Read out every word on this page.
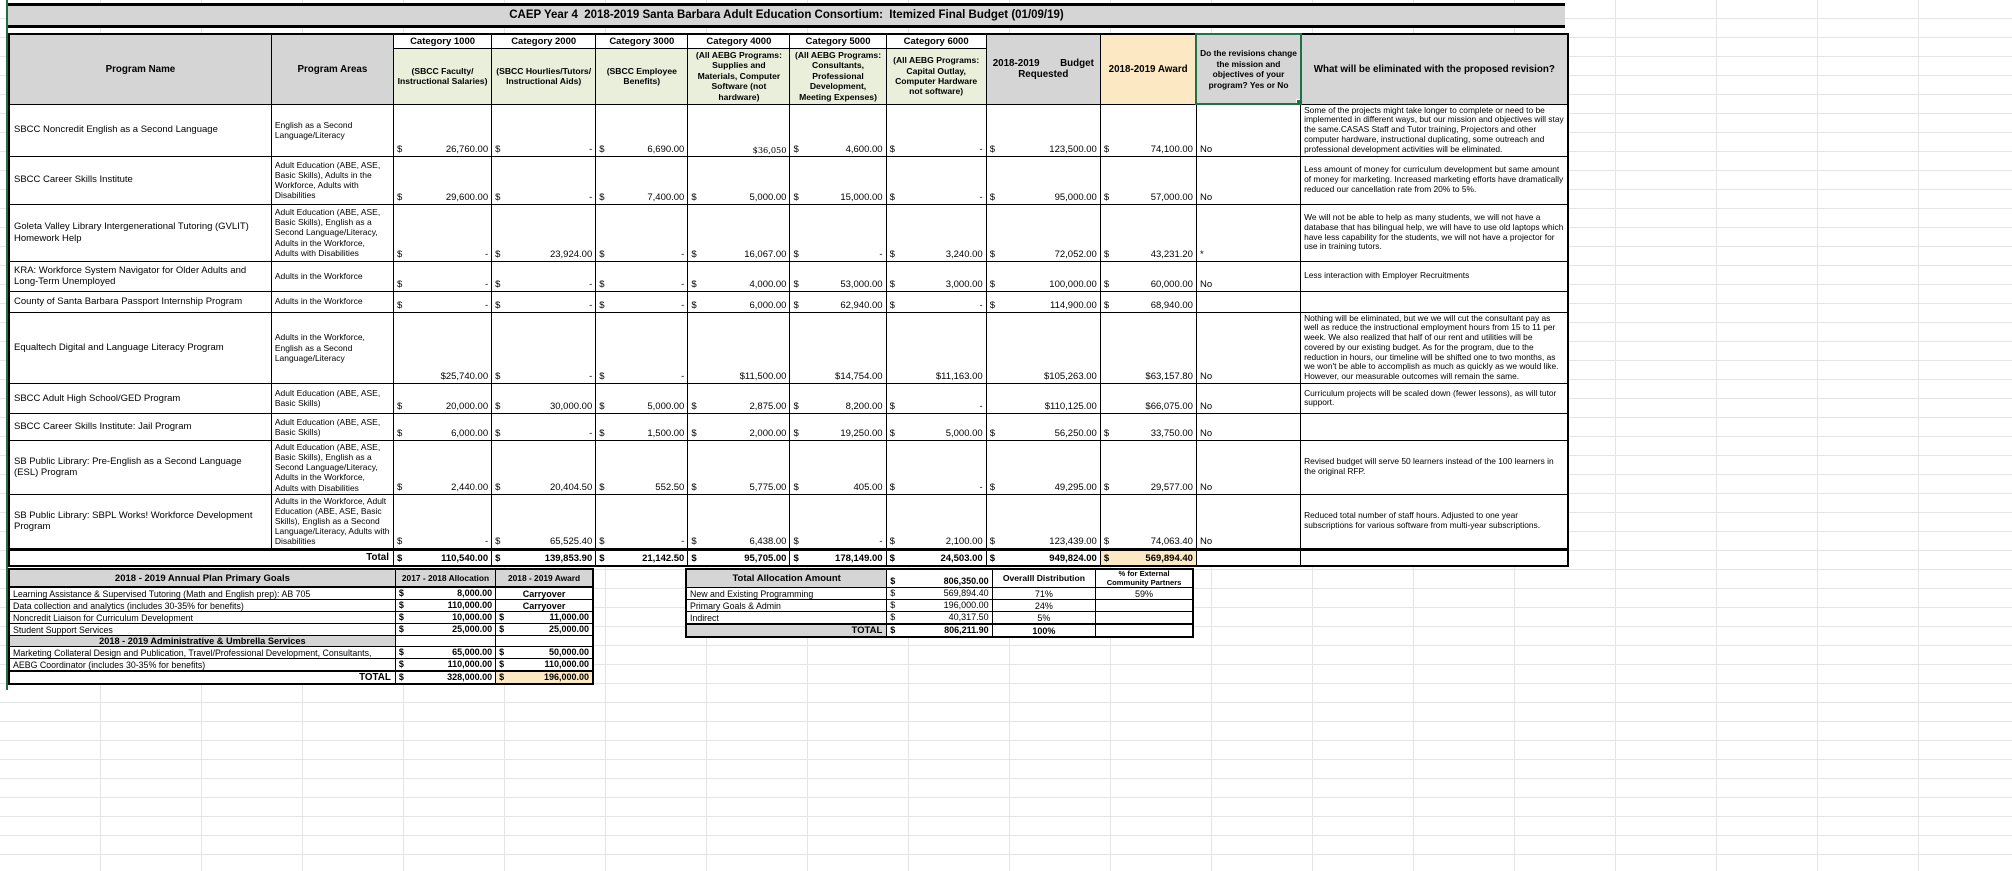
CAEP Year 4  2018-2019 Santa Barbara Adult Education Consortium:  Itemized Final Budget (01/09/19)
Program Name	Program Areas	Category 1000	Category 2000	Category 3000	Category 4000	Category 5000	Category 6000	2018-2019 Budget Requested	2018-2019 Award	Do the revisions change the mission and objectives of your program? Yes or No	What will be eliminated with the proposed revision?
		(SBCC Faculty/ Instructional Salaries)	(SBCC Hourlies/Tutors/ Instructional Aids)	(SBCC Employee Benefits)	(All AEBG Programs: Supplies and Materials, Computer Software (not hardware)	(All AEBG Programs: Consultants, Professional Development, Meeting Expenses)	(All AEBG Programs: Capital Outlay, Computer Hardware not software)				
SBCC Noncredit English as a Second Language	English as a Second Language/Literacy	$ 26,760.00	$ -	$ 6,690.00	$36,050	$ 4,600.00	$ -	$ 123,500.00	$ 74,100.00	No	Some of the projects might take longer to complete or need to be implemented in different ways, but our mission and objectives will stay the same.CASAS Staff and Tutor training, Projectors and other computer hardware, instructional duplicating, some outreach and professional development activities will be eliminated.
SBCC Career Skills Institute	Adult Education (ABE, ASE, Basic Skills), Adults in the Workforce, Adults with Disabilities	$ 29,600.00	$ -	$ 7,400.00	$ 5,000.00	$ 15,000.00	$ -	$ 95,000.00	$ 57,000.00	No	Less amount of money for curriculum development but same amount of money for marketing. Increased marketing efforts have dramatically reduced our cancellation rate from 20% to 5%.
Goleta Valley Library Intergenerational Tutoring (GVLIT) Homework Help	Adult Education (ABE, ASE, Basic Skills), English as a Second Language/Literacy, Adults in the Workforce, Adults with Disabilities	$ -	$ 23,924.00	$ -	$ 16,067.00	$ -	$ 3,240.00	$ 72,052.00	$ 43,231.20	*	We will not be able to help as many students, we will not have a database that has bilingual help, we will have to use old laptops which have less capability for the students, we will not have a projector for use in training tutors.
KRA: Workforce System Navigator for Older Adults and Long-Term Unemployed	Adults in the Workforce	$ -	$ -	$ -	$ 4,000.00	$ 53,000.00	$ 3,000.00	$ 100,000.00	$ 60,000.00	No	Less interaction with Employer Recruitments
County of Santa Barbara Passport Internship Program	Adults in the Workforce	$ -	$ -	$ -	$ 6,000.00	$ 62,940.00	$ -	$ 114,900.00	$ 68,940.00		

Equaltech Digital and Language Literacy Program	Adults in the Workforce, English as a Second Language/Literacy	$25,740.00	$ -	$ -	$11,500.00	$14,754.00	$11,163.00	$105,263.00	$63,157.80	No	Nothing will be eliminated, but we we will cut the consultant pay as well as reduce the instructional employment hours from 15 to 11 per week. We also realized that half of our rent and utilities will be covered by our existing budget. As for the program, due to the reduction in hours, our timeline will be shifted one to two months, as we won't be able to accomplish as much as quickly as we would like. However, our measurable outcomes will remain the same.
SBCC Adult High School/GED Program	Adult Education (ABE, ASE, Basic Skills)	$ 20,000.00	$ 30,000.00	$ 5,000.00	$ 2,875.00	$ 8,200.00	$ -	$110,125.00	$66,075.00	No	Curriculum projects will be scaled down (fewer lessons), as will tutor support.
SBCC Career Skills Institute: Jail Program	Adult Education (ABE, ASE, Basic Skills)	$ 6,000.00	$ -	$ 1,500.00	$ 2,000.00	$ 19,250.00	$ 5,000.00	$ 56,250.00	$ 33,750.00	No	
SB Public Library: Pre-English as a Second Language (ESL) Program	Adult Education (ABE, ASE, Basic Skills), English as a Second Language/Literacy, Adults in the Workforce, Adults with Disabilities	$ 2,440.00	$ 20,404.50	$ 552.50	$ 5,775.00	$ 405.00	$ -	$ 49,295.00	$ 29,577.00	No	Revised budget will serve 50 learners instead of the 100 learners in the original RFP.
SB Public Library: SBPL Works! Workforce Development Program	Adults in the Workforce, Adult Education (ABE, ASE, Basic Skills), English as a Second Language/Literacy, Adults with Disabilities	$ -	$ 65,525.40	$ -	$ 6,438.00	$ -	$ 2,100.00	$ 123,439.00	$ 74,063.40	No	Reduced total number of staff hours. Adjusted to one year subscriptions for various software from multi-year subscriptions.
Total		$ 110,540.00	$ 139,853.90	$ 21,142.50	$ 95,705.00	$ 178,149.00	$ 24,503.00	$ 949,824.00	$ 569,894.40		

2018 - 2019 Annual Plan Primary Goals	2017 - 2018 Allocation	2018 - 2019 Award
Learning Assistance & Supervised Tutoring (Math and English prep): AB 705	$ 8,000.00	Carryover
Data collection and analytics (includes 30-35% for benefits)	$ 110,000.00	Carryover
Noncredit Liaison for Curriculum Development	$ 10,000.00	$ 11,000.00

Student Support Services	$ 25,000.00	$ 25,000.00

2018 - 2019 Administrative & Umbrella Services		
Marketing Collateral Design and Publication, Travel/Professional Development, Consultants,	$ 65,000.00	$ 50,000.00

AEBG Coordinator (includes 30-35% for benefits)	$ 110,000.00	$ 110,000.00

TOTAL	$ 328,000.00	$ 196,000.00
Total Allocation Amount	$ 806,350.00	Overalll Distribution	% for External Community Partners
New and Existing Programming	$ 569,894.40	71%	59%
Primary Goals & Admin	$ 196,000.00	24%	
Indirect	$ 40,317.50	5%	
TOTAL	$ 806,211.90	100%	
